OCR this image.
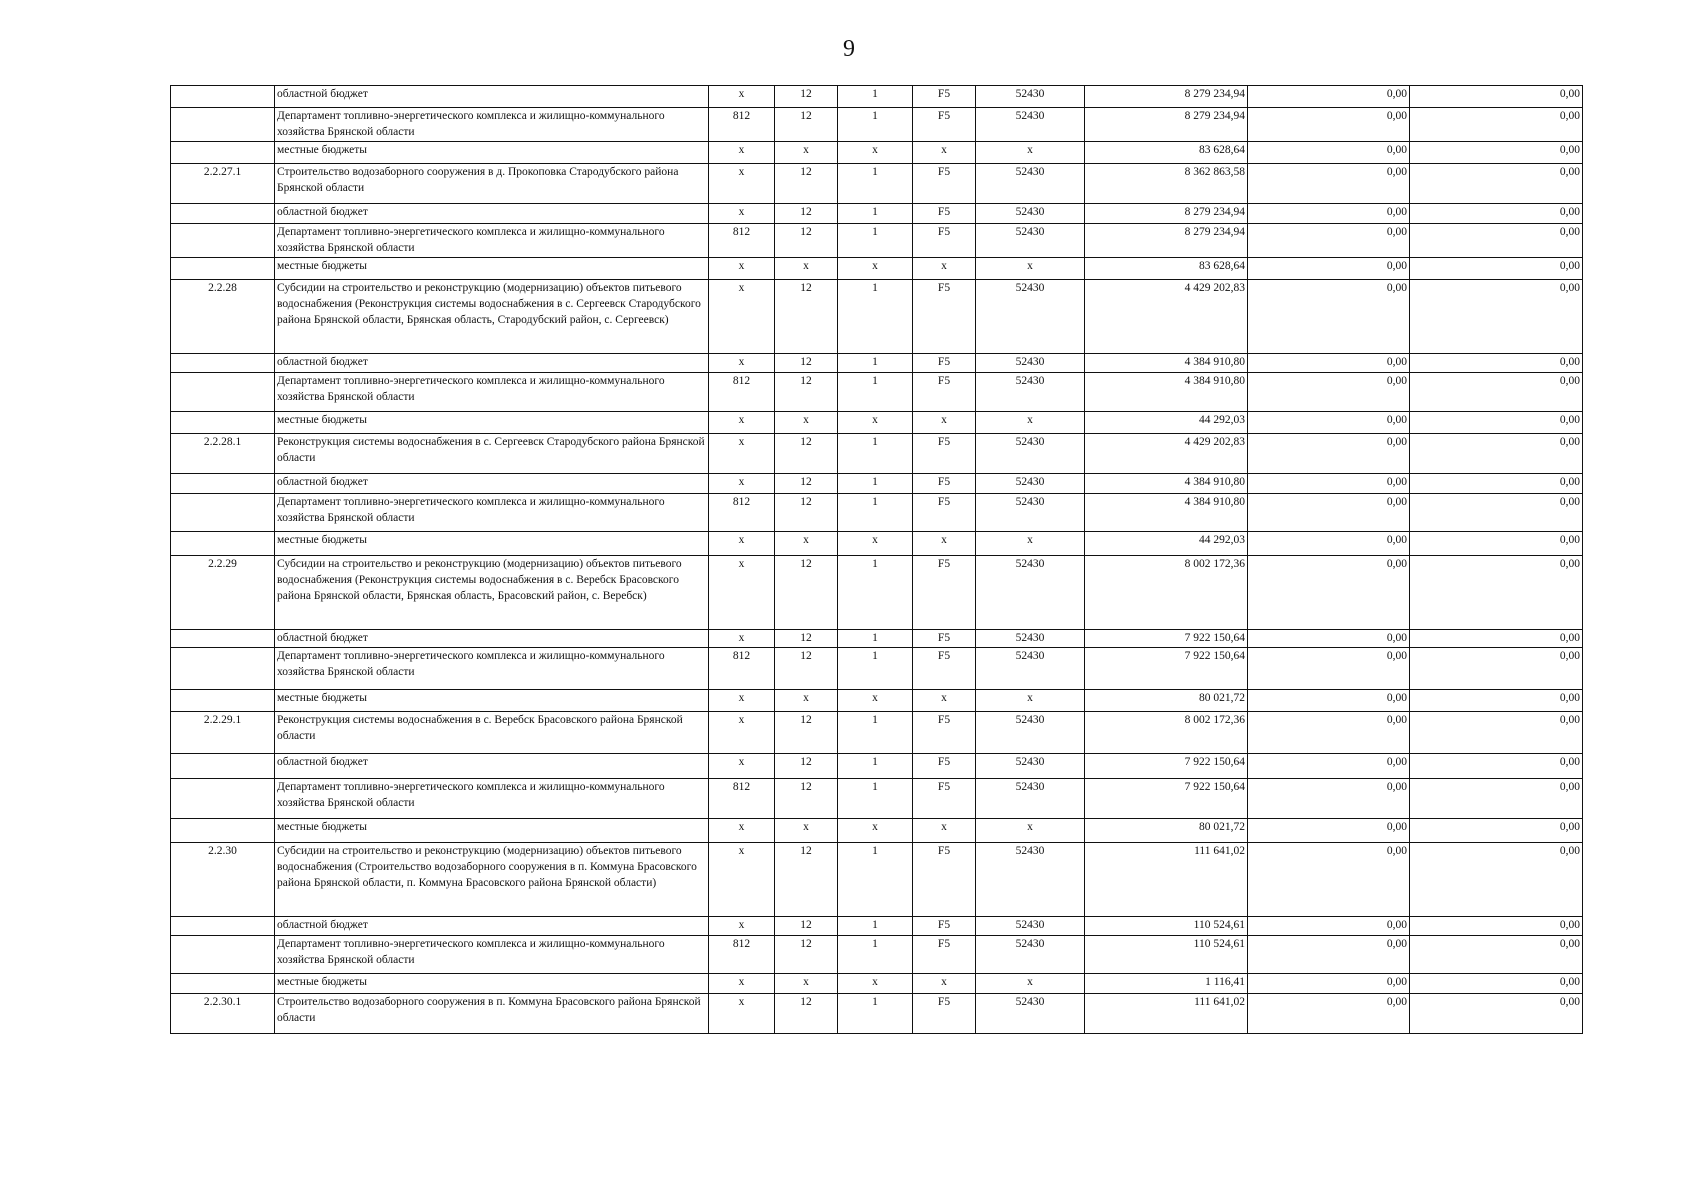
9
	областной бюджет	x	12	1	F5	52430	8 279 234,94	0,00	0,00
	Департамент топливно-энергетического комплекса и жилищно-коммунального хозяйства Брянской области	812	12	1	F5	52430	8 279 234,94	0,00	0,00
	местные бюджеты	x	x	x	x	x	83 628,64	0,00	0,00
2.2.27.1	Строительство водозаборного сооружения в д. Прокоповка Стародубского района Брянской области	x	12	1	F5	52430	8 362 863,58	0,00	0,00
	областной бюджет	x	12	1	F5	52430	8 279 234,94	0,00	0,00
	Департамент топливно-энергетического комплекса и жилищно-коммунального хозяйства Брянской области	812	12	1	F5	52430	8 279 234,94	0,00	0,00
	местные бюджеты	x	x	x	x	x	83 628,64	0,00	0,00
2.2.28	Субсидии на строительство и реконструкцию (модернизацию) объектов питьевого водоснабжения (Реконструкция системы водоснабжения в с. Сергеевск Стародубского района Брянской области, Брянская область, Стародубский район, с. Сергеевск)	x	12	1	F5	52430	4 429 202,83	0,00	0,00
	областной бюджет	x	12	1	F5	52430	4 384 910,80	0,00	0,00
	Департамент топливно-энергетического комплекса и жилищно-коммунального хозяйства Брянской области	812	12	1	F5	52430	4 384 910,80	0,00	0,00
	местные бюджеты	x	x	x	x	x	44 292,03	0,00	0,00
2.2.28.1	Реконструкция системы водоснабжения в с. Сергеевск Стародубского района Брянской области	x	12	1	F5	52430	4 429 202,83	0,00	0,00
	областной бюджет	x	12	1	F5	52430	4 384 910,80	0,00	0,00
	Департамент топливно-энергетического комплекса и жилищно-коммунального хозяйства Брянской области	812	12	1	F5	52430	4 384 910,80	0,00	0,00
	местные бюджеты	x	x	x	x	x	44 292,03	0,00	0,00
2.2.29	Субсидии на строительство и реконструкцию (модернизацию) объектов питьевого водоснабжения (Реконструкция системы водоснабжения в с. Веребск Брасовского района Брянской области, Брянская область, Брасовский район, с. Веребск)	x	12	1	F5	52430	8 002 172,36	0,00	0,00
	областной бюджет	x	12	1	F5	52430	7 922 150,64	0,00	0,00
	Департамент топливно-энергетического комплекса и жилищно-коммунального хозяйства Брянской области	812	12	1	F5	52430	7 922 150,64	0,00	0,00
	местные бюджеты	x	x	x	x	x	80 021,72	0,00	0,00
2.2.29.1	Реконструкция системы водоснабжения в с. Веребск Брасовского района Брянской области	x	12	1	F5	52430	8 002 172,36	0,00	0,00
	областной бюджет	x	12	1	F5	52430	7 922 150,64	0,00	0,00
	Департамент топливно-энергетического комплекса и жилищно-коммунального хозяйства Брянской области	812	12	1	F5	52430	7 922 150,64	0,00	0,00
	местные бюджеты	x	x	x	x	x	80 021,72	0,00	0,00
2.2.30	Субсидии на строительство и реконструкцию (модернизацию) объектов питьевого водоснабжения (Строительство водозаборного сооружения в п. Коммуна Брасовского района Брянской области, п. Коммуна Брасовского района Брянской области)	x	12	1	F5	52430	111 641,02	0,00	0,00
	областной бюджет	x	12	1	F5	52430	110 524,61	0,00	0,00
	Департамент топливно-энергетического комплекса и жилищно-коммунального хозяйства Брянской области	812	12	1	F5	52430	110 524,61	0,00	0,00
	местные бюджеты	x	x	x	x	x	1 116,41	0,00	0,00
2.2.30.1	Строительство водозаборного сооружения в п. Коммуна Брасовского района Брянской области	x	12	1	F5	52430	111 641,02	0,00	0,00
